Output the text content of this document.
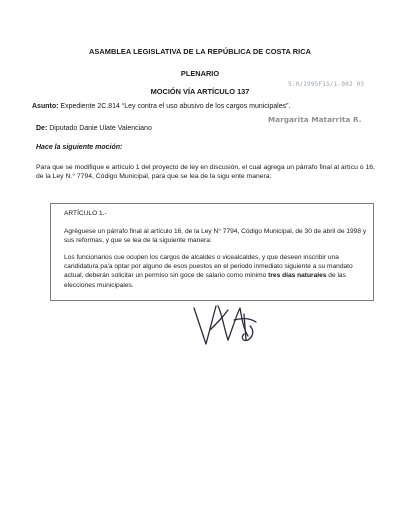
ASAMBLEA LEGISLATIVA DE LA REPÚBLICA DE COSTA RICA
PLENARIO
MOCIÓN VÍA ARTÍCULO 137
5.0/1995F15/1-902 03
Asunto: Expediente 2C.814 “Ley contra el uso abusivo de los cargos municipales”.
Margarita Matarrita R.
De: Diputado Danie Ulate Valenciano
Hace la siguiente moción:
Para que se modifique e artículo 1 del proyecto de ley en discusión, el cual agrega un párrafo final al artícu o 16, de la Ley N.° 7794, Código Municipal, para que se lea de la sigu ente manera:
ARTÍCULO 1.-
Agréguese un párrafo final al artículo 16, de la Ley N° 7794, Código Municipal, de 30 de abril de 1998 y sus reformas, y que se lea de la siguiente manera:
Los funcionarios cue ocupen los cargos de alcaldes o vicealcaldes, y que deseen inscribir una candidatura pa'a optar por alguno de esos puestos en el periodo inmediato siguiente a su mandato actual, deberán solicitar un permiso sin goce de salario como mínimo tres días naturales de las elecciones municipales.
